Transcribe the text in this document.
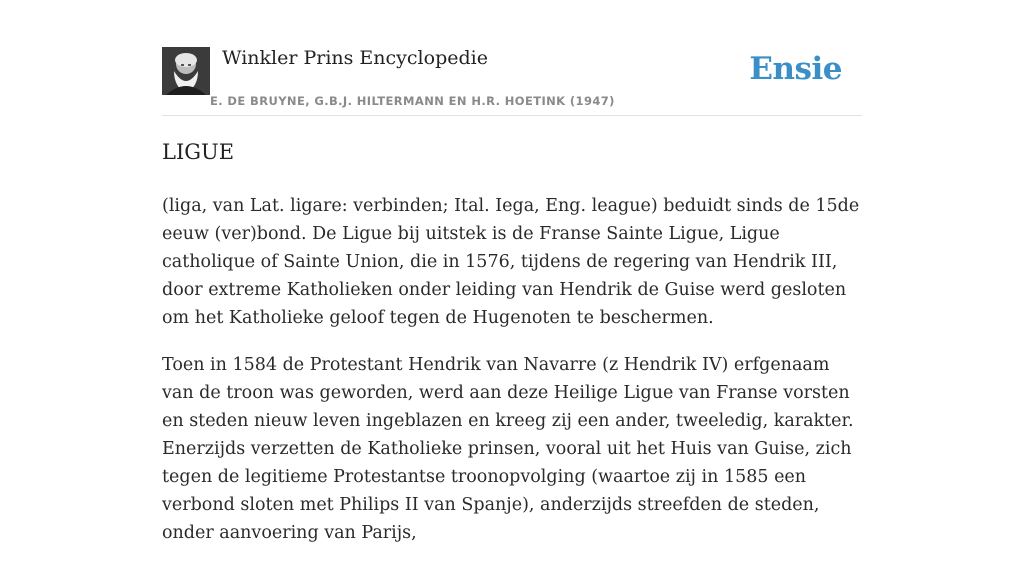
Winkler Prins Encyclopedie
E. DE BRUYNE, G.B.J. HILTERMANN EN H.R. HOETINK (1947)
Ensie
LIGUE

(liga, van Lat. ligare: verbinden; Ital. Iega, Eng. league) beduidt sinds de 15de eeuw (ver)bond. De Ligue bij uitstek is de Franse Sainte Ligue, Ligue catholique of Sainte Union, die in 1576, tijdens de regering van Hendrik III, door extreme Katholieken onder leiding van Hendrik de Guise werd gesloten om het Katholieke geloof tegen de Hugenoten te beschermen.

Toen in 1584 de Protestant Hendrik van Navarre (z Hendrik IV) erfgenaam van de troon was geworden, werd aan deze Heilige Ligue van Franse vorsten en steden nieuw leven ingeblazen en kreeg zij een ander, tweeledig, karakter. Enerzijds verzetten de Katholieke prinsen, vooral uit het Huis van Guise, zich tegen de legitieme Protestantse troonopvolging (waartoe zij in 1585 een verbond sloten met Philips II van Spanje), anderzijds streefden de steden, onder aanvoering van Parijs,
